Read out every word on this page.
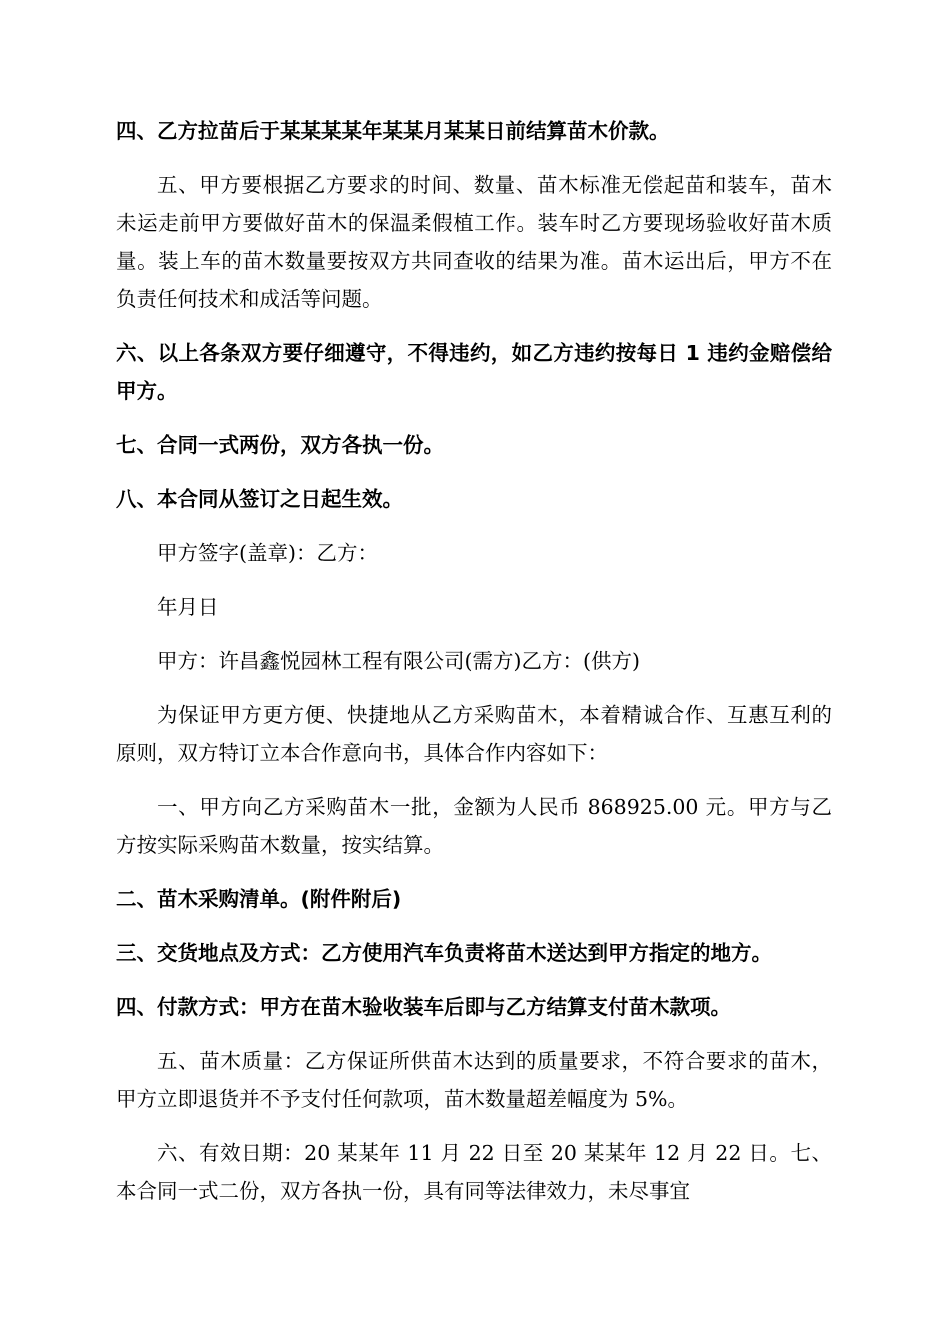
四、乙方拉苗后于某某某某年某某月某某日前结算苗木价款。

五、甲方要根据乙方要求的时间、数量、苗木标准无偿起苗和装车，苗木未运走前甲方要做好苗木的保温柔假植工作。装车时乙方要现场验收好苗木质量。装上车的苗木数量要按双方共同查收的结果为准。苗木运出后，甲方不在负责任何技术和成活等问题。

六、以上各条双方要仔细遵守，不得违约，如乙方违约按每日 1 违约金赔偿给甲方。

七、合同一式两份，双方各执一份。

八、本合同从签订之日起生效。

甲方签字(盖章)：乙方：

年月日

甲方：许昌鑫悦园林工程有限公司(需方)乙方：(供方)

为保证甲方更方便、快捷地从乙方采购苗木，本着精诚合作、互惠互利的原则，双方特订立本合作意向书，具体合作内容如下：

一、甲方向乙方采购苗木一批，金额为人民币 868925.00 元。甲方与乙方按实际采购苗木数量，按实结算。

二、苗木采购清单。(附件附后)

三、交货地点及方式：乙方使用汽车负责将苗木送达到甲方指定的地方。

四、付款方式：甲方在苗木验收装车后即与乙方结算支付苗木款项。

五、苗木质量：乙方保证所供苗木达到的质量要求，不符合要求的苗木，甲方立即退货并不予支付任何款项，苗木数量超差幅度为 5%。

六、有效日期：20 某某年 11 月 22 日至 20 某某年 12 月 22 日。七、本合同一式二份，双方各执一份，具有同等法律效力，未尽事宜
